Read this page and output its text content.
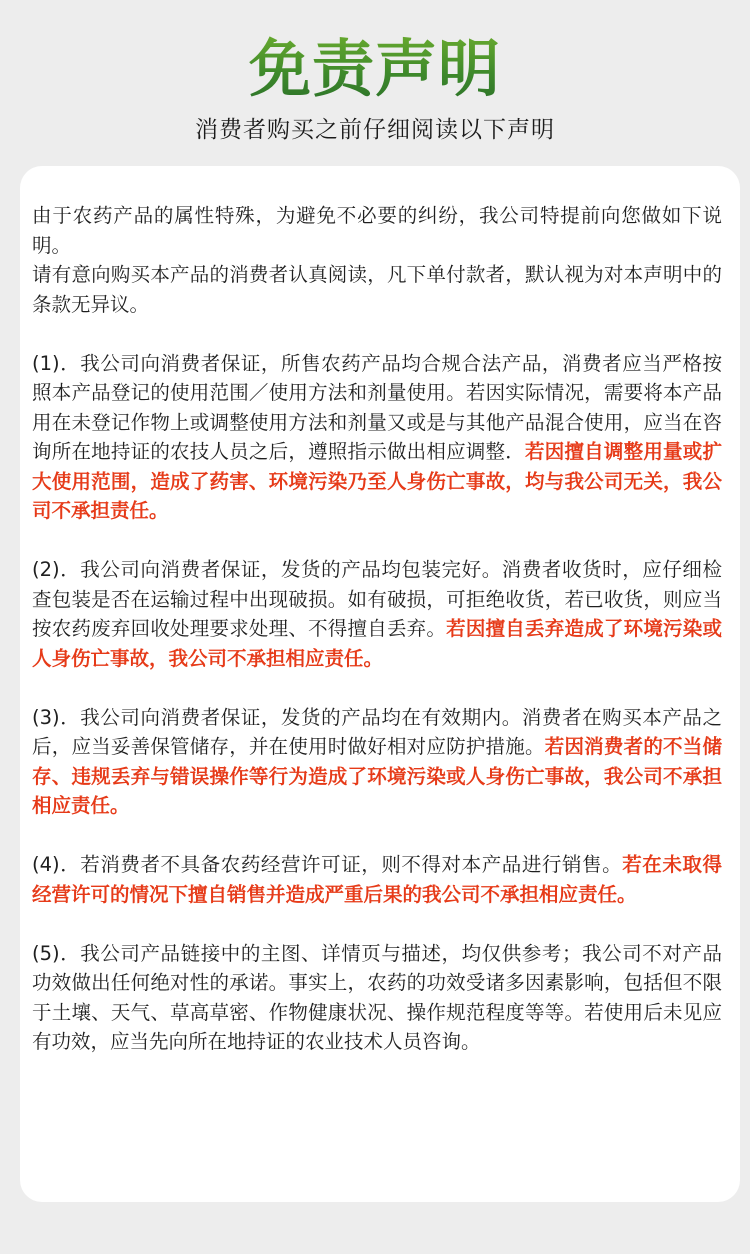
免责声明
消费者购买之前仔细阅读以下声明

由于农药产品的属性特殊，为避免不必要的纠纷，我公司特提前向您做如下说明。
请有意向购买本产品的消费者认真阅读，凡下单付款者，默认视为对本声明中的条款无异议。

(1)．我公司向消费者保证，所售农药产品均合规合法产品，消费者应当严格按照本产品登记的使用范围／使用方法和剂量使用。若因实际情况，需要将本产品用在未登记作物上或调整使用方法和剂量又或是与其他产品混合使用，应当在咨询所在地持证的农技人员之后，遵照指示做出相应调整．若因擅自调整用量或扩大使用范围，造成了药害、环境污染乃至人身伤亡事故，均与我公司无关，我公司不承担责任。

(2)．我公司向消费者保证，发货的产品均包装完好。消费者收货时，应仔细检查包装是否在运输过程中出现破损。如有破损，可拒绝收货，若已收货，则应当按农药废弃回收处理要求处理、不得擅自丢弃。若因擅自丢弃造成了环境污染或人身伤亡事故，我公司不承担相应责任。

(3)．我公司向消费者保证，发货的产品均在有效期内。消费者在购买本产品之后，应当妥善保管储存，并在使用时做好相对应防护措施。若因消费者的不当储存、违规丢弃与错误操作等行为造成了环境污染或人身伤亡事故，我公司不承担相应责任。

(4)．若消费者不具备农药经营许可证，则不得对本产品进行销售。若在未取得经营许可的情况下擅自销售并造成严重后果的我公司不承担相应责任。

(5)．我公司产品链接中的主图、详情页与描述，均仅供参考；我公司不对产品功效做出任何绝对性的承诺。事实上，农药的功效受诸多因素影响，包括但不限于土壤、天气、草高草密、作物健康状况、操作规范程度等等。若使用后未见应有功效，应当先向所在地持证的农业技术人员咨询。
